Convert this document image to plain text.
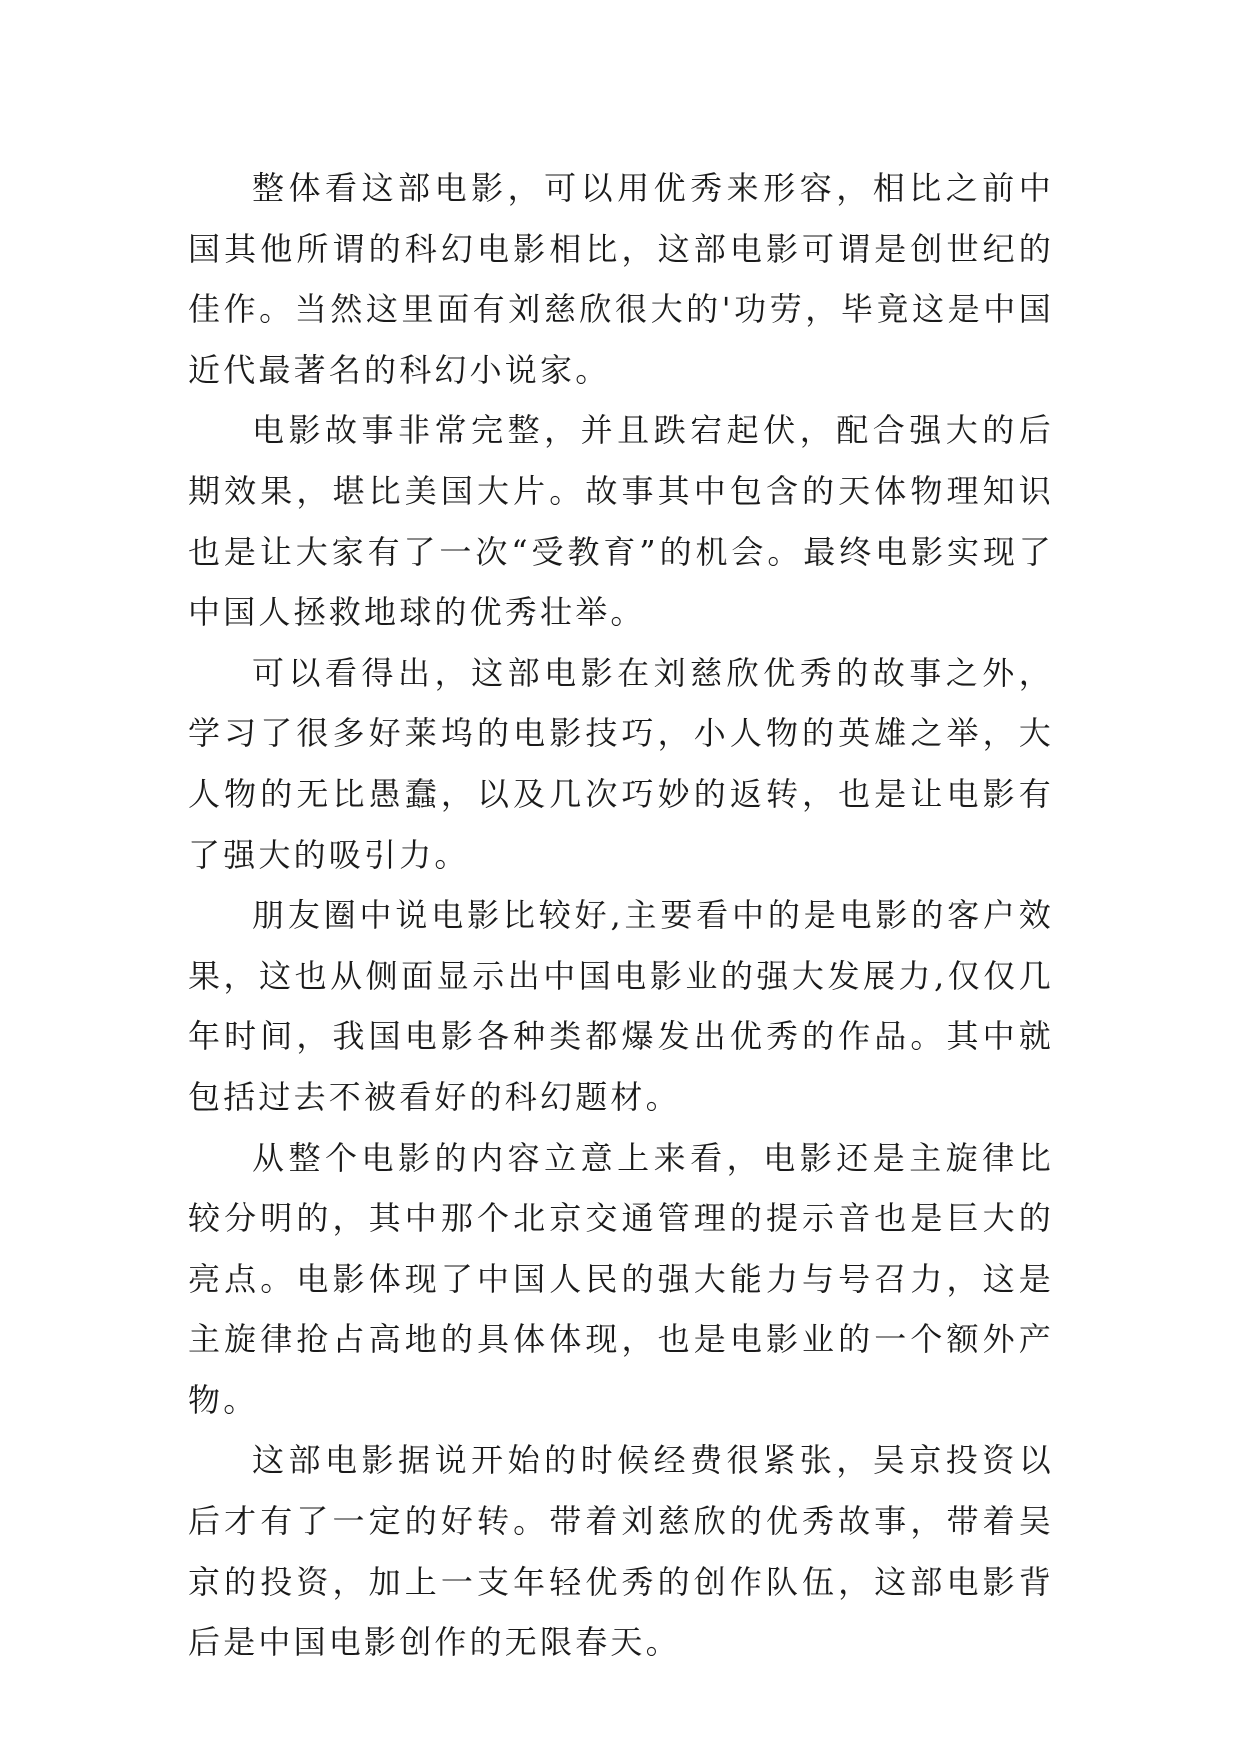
整体看这部电影，可以用优秀来形容，相比之前中国其他所谓的科幻电影相比，这部电影可谓是创世纪的佳作。当然这里面有刘慈欣很大的'功劳，毕竟这是中国近代最著名的科幻小说家。

电影故事非常完整，并且跌宕起伏，配合强大的后期效果，堪比美国大片。故事其中包含的天体物理知识也是让大家有了一次“受教育”的机会。最终电影实现了中国人拯救地球的优秀壮举。

可以看得出，这部电影在刘慈欣优秀的故事之外，学习了很多好莱坞的电影技巧，小人物的英雄之举，大人物的无比愚蠢，以及几次巧妙的返转，也是让电影有了强大的吸引力。

朋友圈中说电影比较好,主要看中的是电影的客户效果，这也从侧面显示出中国电影业的强大发展力,仅仅几年时间，我国电影各种类都爆发出优秀的作品。其中就包括过去不被看好的科幻题材。

从整个电影的内容立意上来看，电影还是主旋律比较分明的，其中那个北京交通管理的提示音也是巨大的亮点。电影体现了中国人民的强大能力与号召力，这是主旋律抢占高地的具体体现，也是电影业的一个额外产物。

这部电影据说开始的时候经费很紧张，吴京投资以后才有了一定的好转。带着刘慈欣的优秀故事，带着吴京的投资，加上一支年轻优秀的创作队伍，这部电影背后是中国电影创作的无限春天。
